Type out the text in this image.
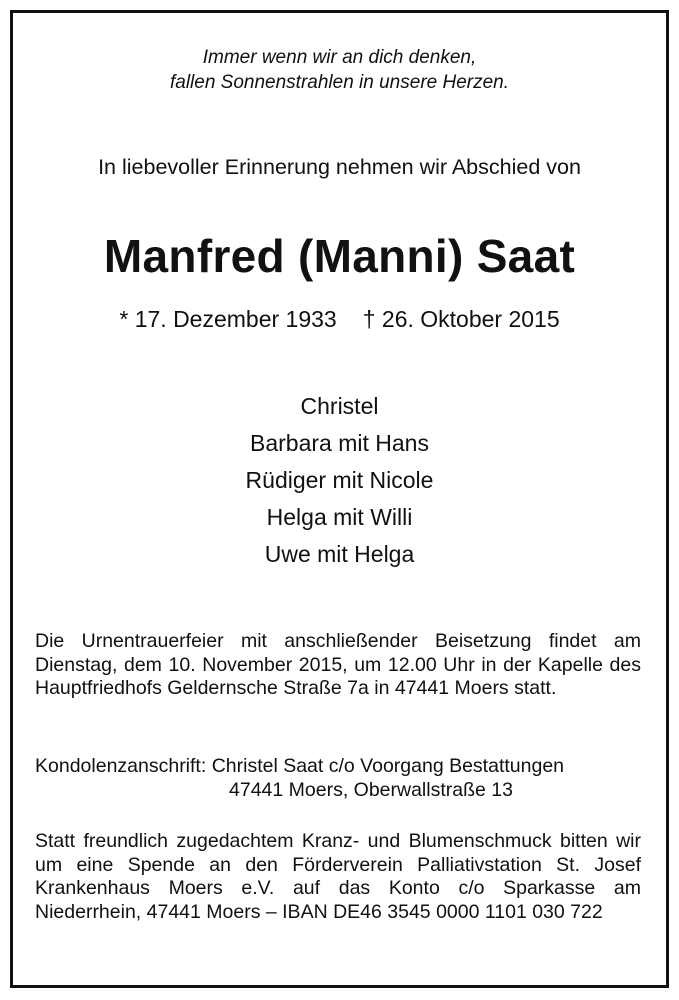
Immer wenn wir an dich denken,
fallen Sonnenstrahlen in unsere Herzen.
In liebevoller Erinnerung nehmen wir Abschied von
Manfred (Manni) Saat
* 17. Dezember 1933 † 26. Oktober 2015
Christel
Barbara mit Hans
Rüdiger mit Nicole
Helga mit Willi
Uwe mit Helga
Die Urnentrauerfeier mit anschließender Beisetzung findet am Dienstag, dem 10. November 2015, um 12.00 Uhr in der Kapelle des Hauptfriedhofs Geldernsche Straße 7a in 47441 Moers statt.
Kondolenzanschrift: Christel Saat c/o Voorgang Bestattungen
47441 Moers, Oberwallstraße 13
Statt freundlich zugedachtem Kranz- und Blumenschmuck bitten wir um eine Spende an den Förderverein Palliativstation St. Josef Krankenhaus Moers e.V. auf das Konto c/o Sparkasse am Niederrhein, 47441 Moers – IBAN DE46 3545 0000 1101 030 722
